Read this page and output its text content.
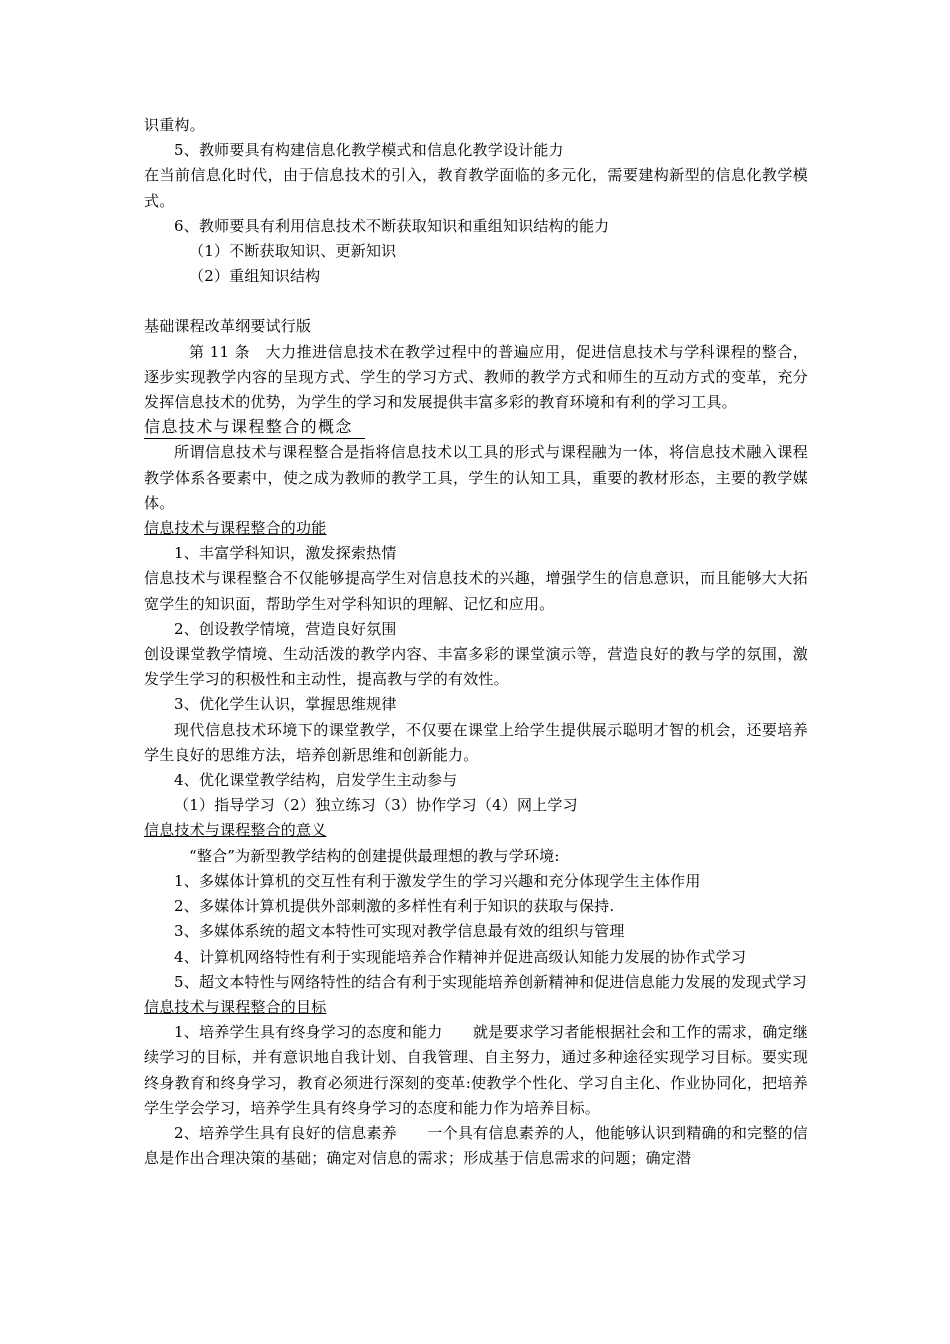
识重构。

5、教师要具有构建信息化教学模式和信息化教学设计能力

在当前信息化时代，由于信息技术的引入，教育教学面临的多元化，需要建构新型的信息化教学模式。

6、教师要具有利用信息技术不断获取知识和重组知识结构的能力

（1）不断获取知识、更新知识

（2）重组知识结构

基础课程改革纲要试行版

第 11 条　大力推进信息技术在教学过程中的普遍应用，促进信息技术与学科课程的整合，逐步实现教学内容的呈现方式、学生的学习方式、教师的教学方式和师生的互动方式的变革，充分发挥信息技术的优势，为学生的学习和发展提供丰富多彩的教育环境和有利的学习工具。

信息技术与课程整合的概念

所谓信息技术与课程整合是指将信息技术以工具的形式与课程融为一体，将信息技术融入课程教学体系各要素中，使之成为教师的教学工具，学生的认知工具，重要的教材形态，主要的教学媒体。

信息技术与课程整合的功能

1、丰富学科知识，激发探索热情

信息技术与课程整合不仅能够提高学生对信息技术的兴趣，增强学生的信息意识，而且能够大大拓宽学生的知识面，帮助学生对学科知识的理解、记忆和应用。

2、创设教学情境，营造良好氛围

创设课堂教学情境、生动活泼的教学内容、丰富多彩的课堂演示等，营造良好的教与学的氛围，激发学生学习的积极性和主动性，提高教与学的有效性。

3、优化学生认识，掌握思维规律

现代信息技术环境下的课堂教学，不仅要在课堂上给学生提供展示聪明才智的机会，还要培养学生良好的思维方法，培养创新思维和创新能力。

4、优化课堂教学结构，启发学生主动参与

（1）指导学习（2）独立练习（3）协作学习（4）网上学习

信息技术与课程整合的意义

“整合”为新型教学结构的创建提供最理想的教与学环境:

1、多媒体计算机的交互性有利于激发学生的学习兴趣和充分体现学生主体作用

2、多媒体计算机提供外部刺激的多样性有利于知识的获取与保持.

3、多媒体系统的超文本特性可实现对教学信息最有效的组织与管理

4、计算机网络特性有利于实现能培养合作精神并促进高级认知能力发展的协作式学习

5、超文本特性与网络特性的结合有利于实现能培养创新精神和促进信息能力发展的发现式学习

信息技术与课程整合的目标

1、培养学生具有终身学习的态度和能力　　就是要求学习者能根据社会和工作的需求，确定继续学习的目标，并有意识地自我计划、自我管理、自主努力，通过多种途径实现学习目标。要实现终身教育和终身学习，教育必须进行深刻的变革:使教学个性化、学习自主化、作业协同化，把培养学生学会学习，培养学生具有终身学习的态度和能力作为培养目标。

2、培养学生具有良好的信息素养　　一个具有信息素养的人，他能够认识到精确的和完整的信息是作出合理决策的基础；确定对信息的需求；形成基于信息需求的问题；确定潜
